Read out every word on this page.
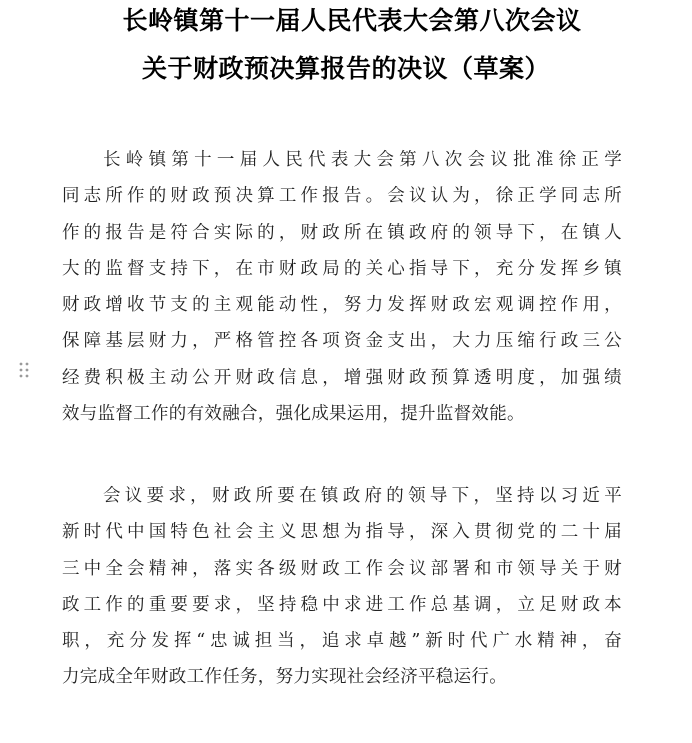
长岭镇第十一届人民代表大会第八次会议
关于财政预决算报告的决议（草案）
长岭镇第十一届人民代表大会第八次会议批准徐正学
同志所作的财政预决算工作报告。会议认为，徐正学同志所
作的报告是符合实际的，财政所在镇政府的领导下，在镇人
大的监督支持下，在市财政局的关心指导下，充分发挥乡镇
财政增收节支的主观能动性，努力发挥财政宏观调控作用，
保障基层财力，严格管控各项资金支出，大力压缩行政三公
经费积极主动公开财政信息，增强财政预算透明度，加强绩
效与监督工作的有效融合，强化成果运用，提升监督效能。
会议要求，财政所要在镇政府的领导下，坚持以习近平
新时代中国特色社会主义思想为指导，深入贯彻党的二十届
三中全会精神，落实各级财政工作会议部署和市领导关于财
政工作的重要要求，坚持稳中求进工作总基调，立足财政本
职，充分发挥“忠诚担当，追求卓越”新时代广水精神，奋
力完成全年财政工作任务，努力实现社会经济平稳运行。
